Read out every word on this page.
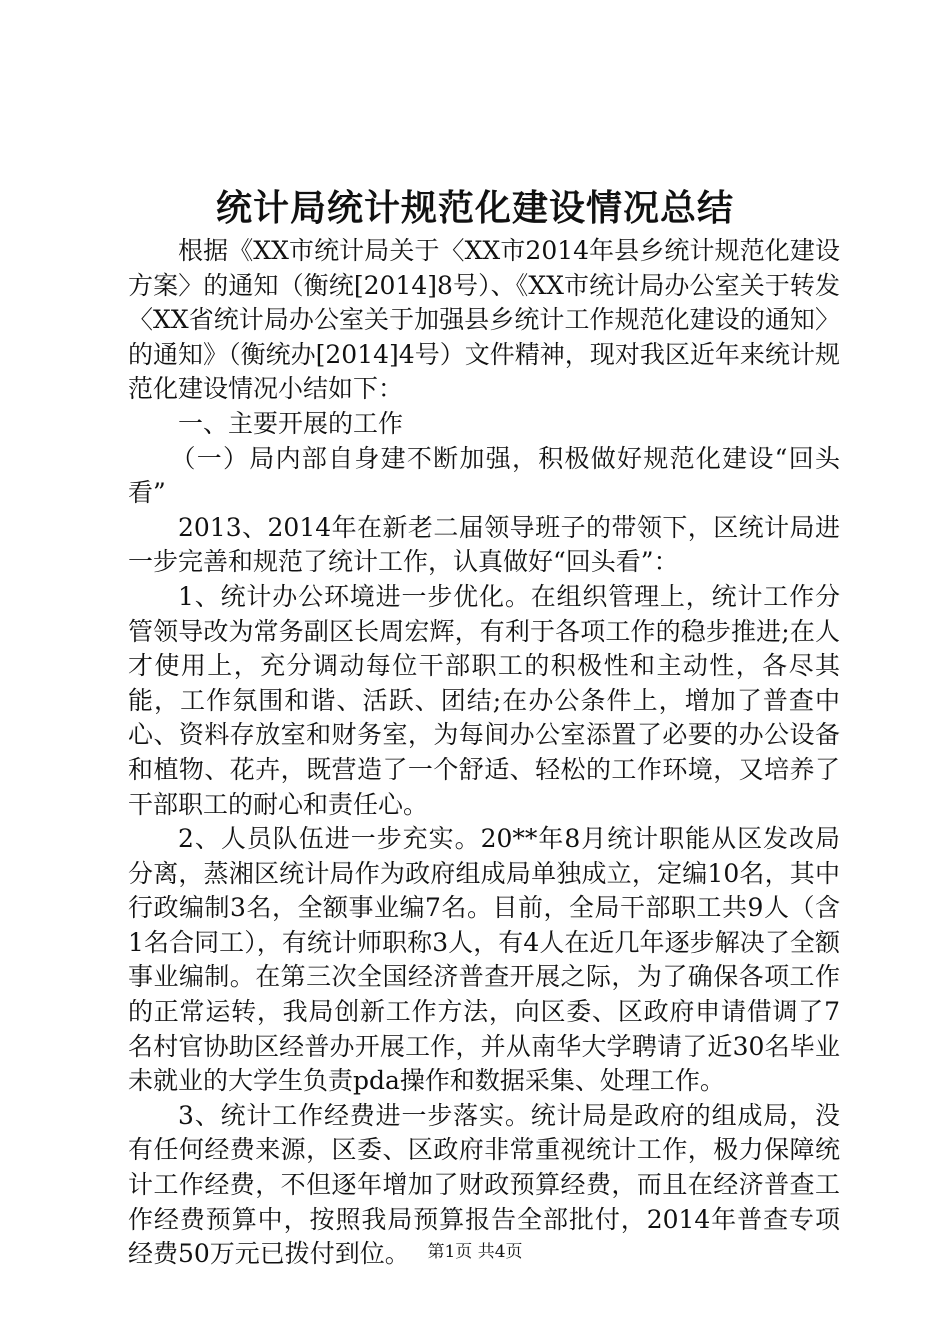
统计局统计规范化建设情况总结

根据《XX市统计局关于〈XX市2014年县乡统计规范化建设方案〉的通知（衡统[2014]8号）、《XX市统计局办公室关于转发〈XX省统计局办公室关于加强县乡统计工作规范化建设的通知〉的通知》（衡统办[2014]4号）文件精神，现对我区近年来统计规范化建设情况小结如下：

一、主要开展的工作

（一）局内部自身建不断加强，积极做好规范化建设“回头看”

2013、2014年在新老二届领导班子的带领下，区统计局进一步完善和规范了统计工作，认真做好“回头看”：

1、统计办公环境进一步优化。在组织管理上，统计工作分管领导改为常务副区长周宏辉，有利于各项工作的稳步推进;在人才使用上，充分调动每位干部职工的积极性和主动性，各尽其能，工作氛围和谐、活跃、团结;在办公条件上，增加了普查中心、资料存放室和财务室，为每间办公室添置了必要的办公设备和植物、花卉，既营造了一个舒适、轻松的工作环境，又培养了干部职工的耐心和责任心。

2、人员队伍进一步充实。20**年8月统计职能从区发改局分离，蒸湘区统计局作为政府组成局单独成立，定编10名，其中行政编制3名，全额事业编7名。目前，全局干部职工共9人（含1名合同工），有统计师职称3人，有4人在近几年逐步解决了全额事业编制。在第三次全国经济普查开展之际，为了确保各项工作的正常运转，我局创新工作方法，向区委、区政府申请借调了7名村官协助区经普办开展工作，并从南华大学聘请了近30名毕业未就业的大学生负责pda操作和数据采集、处理工作。

3、统计工作经费进一步落实。统计局是政府的组成局，没有任何经费来源，区委、区政府非常重视统计工作，极力保障统计工作经费，不但逐年增加了财政预算经费，而且在经济普查工作经费预算中，按照我局预算报告全部批付，2014年普查专项经费50万元已拨付到位。	第1页 共4页
